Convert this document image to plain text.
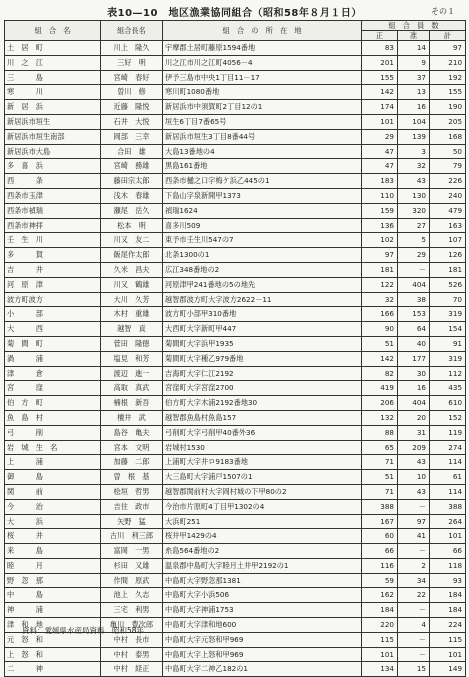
表10—10　地区漁業協同組合（昭和58年８月１日）	その１
組　合　名	組合長名	組　合　の　所　在　地	組　合　員　数		
			正	准	計
土　居　町	川上　隆久	宇摩郡土居町藤原1594番地	83	14	97
川　之　江	三好　明	川之江市川之江町4056－4	201	9	210
三　　　島	宮崎　春好	伊予三島市中央1丁目11－17	155	37	192
寒　　　川	曽川　修	寒川町1080番地	142	13	155
新　居　浜	近藤　隆悦	新居浜市中須賀町2丁目12の1	174	16	190
新居浜市垣生	石井　大悦	垣生6丁目7番65号	101	104	205
新居浜市垣生南部	岡部　三幸	新居浜市垣生3丁目8番44号	29	139	168
新居浜市大島	合田　雄	大島13番地の4	47	3	50
多　喜　浜	宮崎　務雄	黒島161番地	47	32	79
西　　　条	藤田宗太郎	西条市樋之口字梅ケ浜乙445の1	183	43	226
西条市玉津	浅木　春雄	下島山字泉新開甲1373	110	130	240
西条市禎瑞	瀬尾　岳久	禎瑞1624	159	320	479
西条市神拝	松本　明	喜多川509	136	27	163
壬　生　川	川又　友二	東予市壬生川547の7	102	5	107
多　　　賀	飯尾作太郎	北条1300の1	97	29	126
吉　　　井	久米　昌夫	広江348番地の2	181	－	181
河　原　津	川又　鶴雄	河原津甲241番地の5の地先	122	404	526
波方町波方	大川　久芳	越智郡波方町大字波方2622－11	32	38	70
小　　　部	木村　重雄	波方町小部甲310番地	166	153	319
大　　　西	越智　貢	大西町大字新町甲447	90	64	154
菊　間　町	菅田　隆徳	菊間町大字浜甲1935	51	40	91
渦　　　浦	塩見　和芳	菊間町大字種乙979番地	142	177	319
津　　　倉	渡辺　進一	吉海町大字仁江2192	82	30	112
宮　　　窪	高取　真武	宮窪町大字宮窪2700	419	16	435
伯　方　町	楠根　新吾	伯方町大字木浦2192番地30	206	404	610
魚　島　村	檀井　武	越智郡魚島村魚島157	132	20	152
弓　　　削	島谷　亀夫	弓削町大字弓削甲40番外36	88	31	119
岩　城　生　名	宮本　文明	岩城村1530	65	209	274
上　　　浦	加藤　二郎	上浦町大字井ロ9183番地	71	43	114
御　　　島	曽　根　基	大三島町大字浦戸1507の1	51	10	61
関　　　前	桧垣　哲男	越智郡関前村大字岡村城の下甲80の2	71	43	114
今　　　治	吉住　政市	今治市片原町4丁目甲1302の4	388	－	388
大　　　浜	矢野　猛	大浜町251	167	97	264
桜　　　井	古川　利三郎	桜井甲1429の4	60	41	101
来　　　島	富岡　一男	糸島564番地の2	66	－	66
睦　　　月	杉田　又雄	温泉郡中島町大字睦月土井甲2192の1	116	2	118
野　忽　那	作間　原武	中島町大字野忽那1381	59	34	93
中　　　島	池上　久志	中島町大字小浜506	162	22	184
神　　　浦	三宅　利男	中島町大字神浦1753	184	－	184
津　和　地	亀川　豊次郎	中島町大字津和地600	220	4	224
元　怒　和	中村　長市	中島町大字元怒和甲969	115	－	115
上　怒　和	中村　泰男	中島町大字上怒和甲969	101	－	101
二　　　神	中村　経正	中島町大字二神乙182の1	134	15	149
資料：愛媛県水産局資料　昭和58年
